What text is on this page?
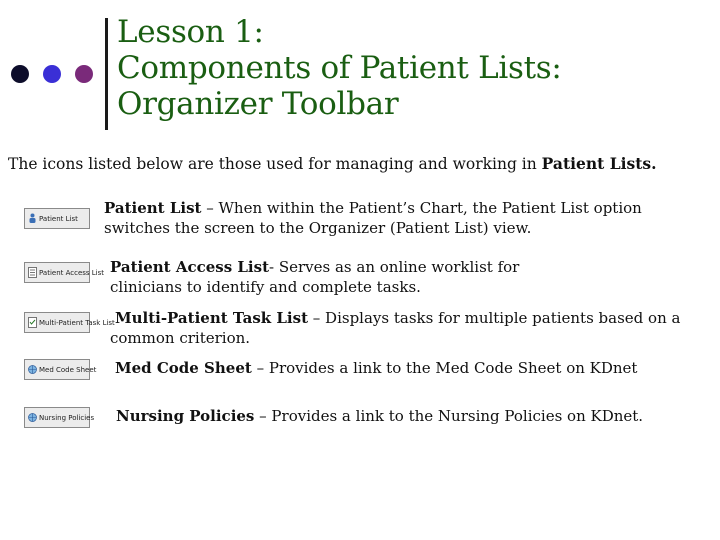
Lesson 1:
Components of Patient Lists:
Organizer Toolbar
The icons listed below are those used for managing and working in Patient Lists.
Patient List
Patient List – When within the Patient’s Chart, the Patient List option switches the screen to the Organizer (Patient List) view.
Patient Access List Patient Access List- Serves as an online worklist for clinicians to identify and complete tasks.
Multi-Patient Task List Multi-Patient Task List – Displays tasks for multiple patients based on a common criterion.
Med Code Sheet Med Code Sheet – Provides a link to the Med Code Sheet on KDnet
Nursing Policies Nursing Policies – Provides a link to the Nursing Policies on KDnet.
